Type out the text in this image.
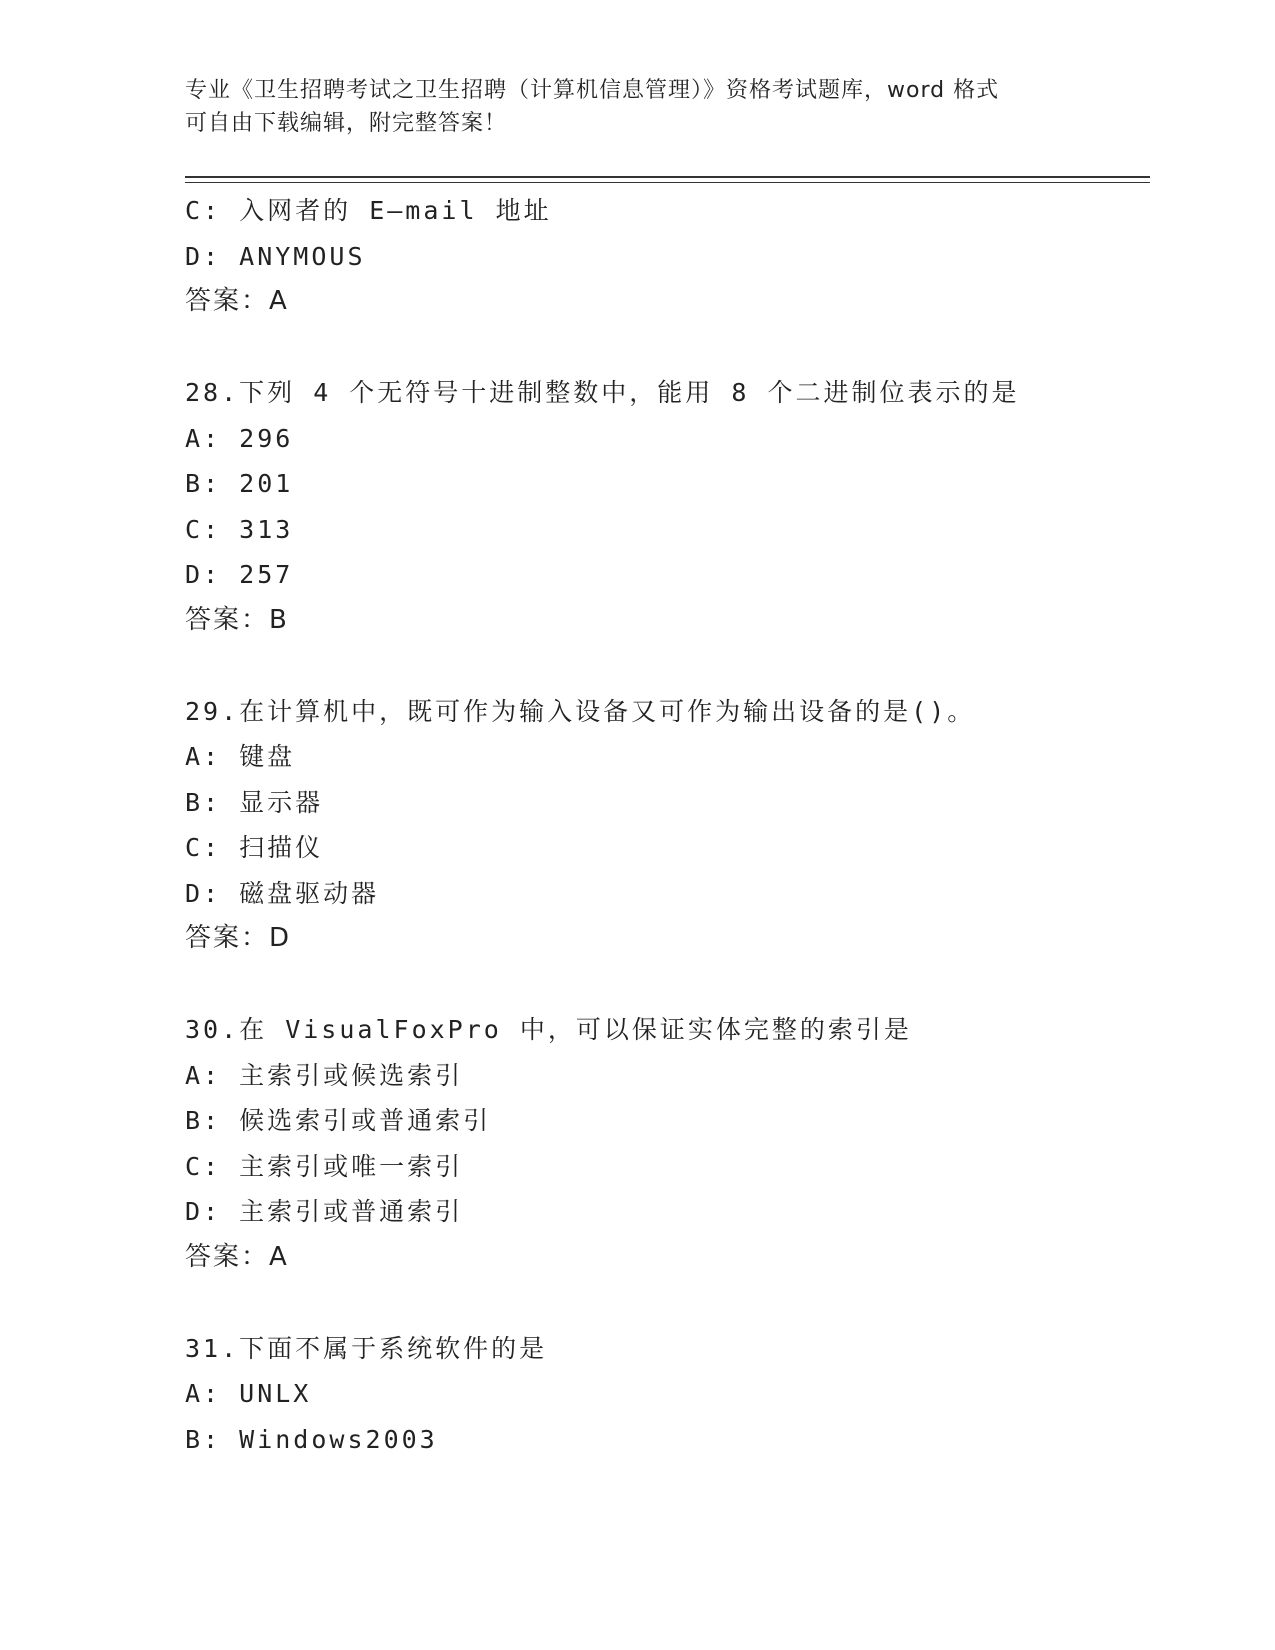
专业《卫生招聘考试之卫生招聘（计算机信息管理）》资格考试题库，word 格式
可自由下载编辑，附完整答案！
C: 入网者的 E—mail 地址
D: ANYMOUS
答案：A
28.下列 4 个无符号十进制整数中，能用 8 个二进制位表示的是
A: 296
B: 201
C: 313
D: 257
答案：B
29.在计算机中，既可作为输入设备又可作为输出设备的是()。
A: 键盘
B: 显示器
C: 扫描仪
D: 磁盘驱动器
答案：D
30.在 VisualFoxPro 中，可以保证实体完整的索引是
A: 主索引或候选索引
B: 候选索引或普通索引
C: 主索引或唯一索引
D: 主索引或普通索引
答案：A
31.下面不属于系统软件的是
A: UNLX
B: Windows2003
